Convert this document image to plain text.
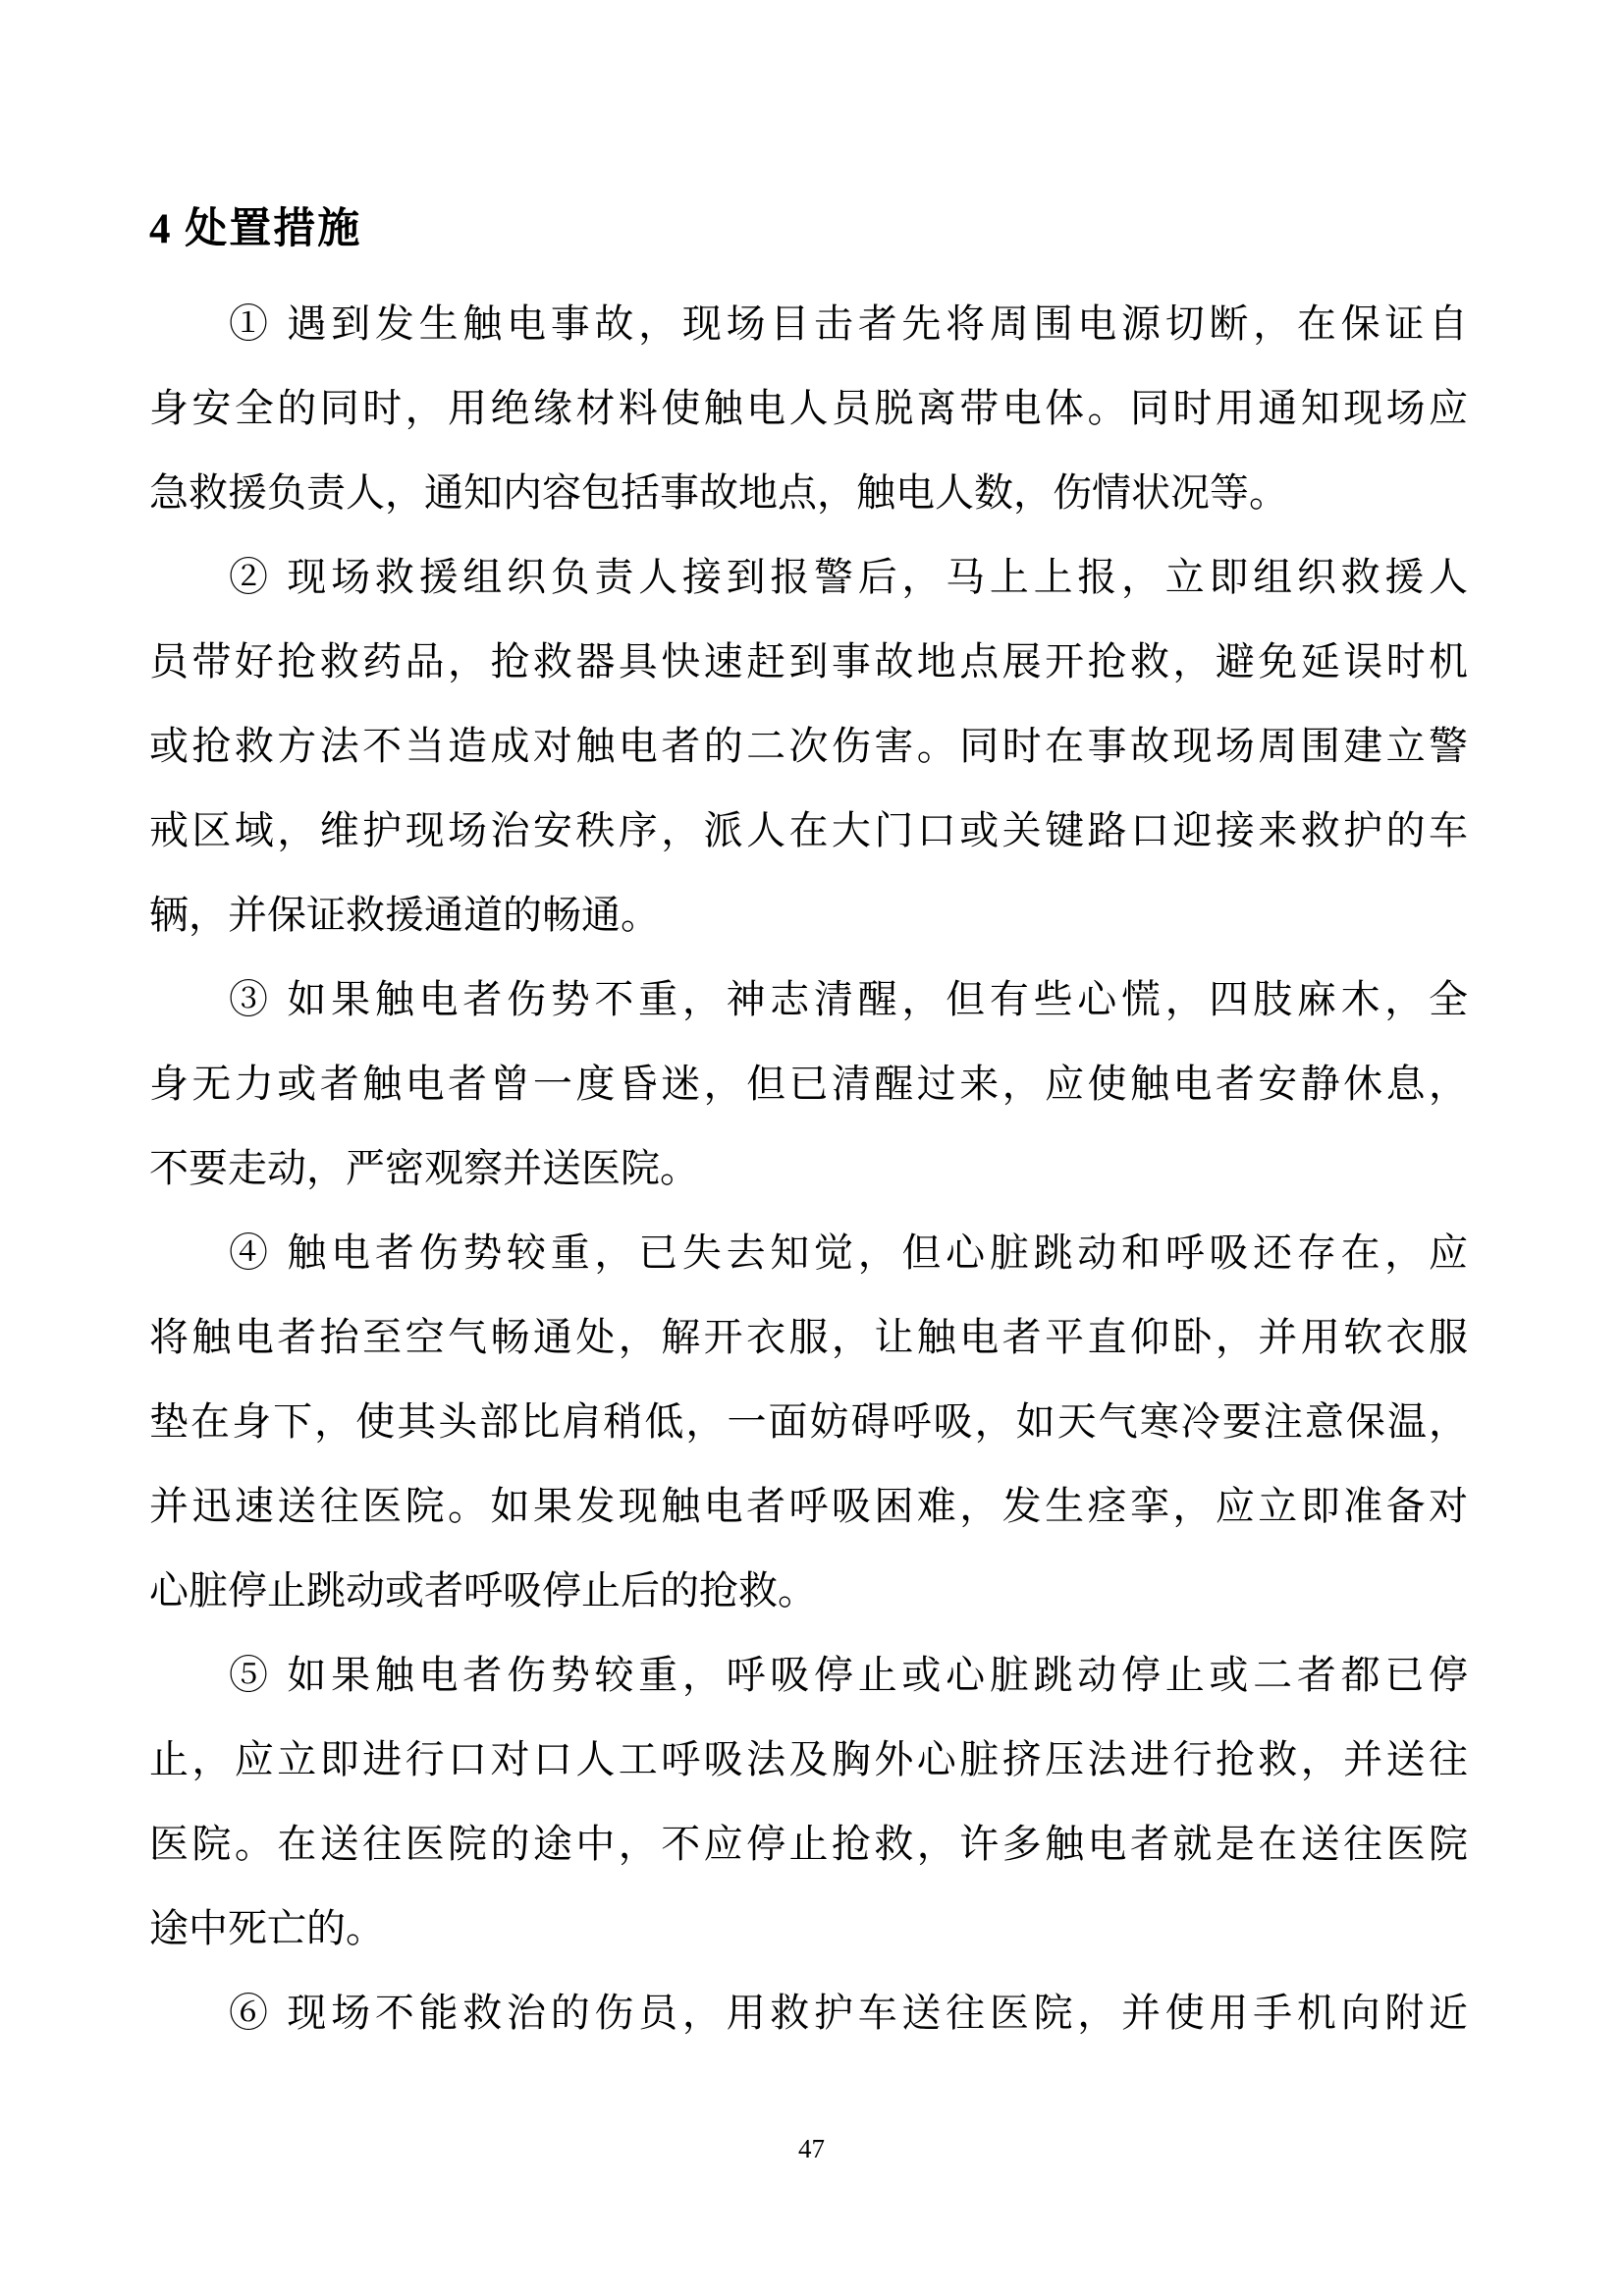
4 处置措施
① 遇到发生触电事故，现场目击者先将周围电源切断，在保证自
身安全的同时，用绝缘材料使触电人员脱离带电体。同时用通知现场应
急救援负责人，通知内容包括事故地点，触电人数，伤情状况等。
② 现场救援组织负责人接到报警后，马上上报，立即组织救援人
员带好抢救药品，抢救器具快速赶到事故地点展开抢救，避免延误时机
或抢救方法不当造成对触电者的二次伤害。同时在事故现场周围建立警
戒区域，维护现场治安秩序，派人在大门口或关键路口迎接来救护的车
辆，并保证救援通道的畅通。
③ 如果触电者伤势不重，神志清醒，但有些心慌，四肢麻木，全
身无力或者触电者曾一度昏迷，但已清醒过来，应使触电者安静休息，
不要走动，严密观察并送医院。
④ 触电者伤势较重，已失去知觉，但心脏跳动和呼吸还存在，应
将触电者抬至空气畅通处，解开衣服，让触电者平直仰卧，并用软衣服
垫在身下，使其头部比肩稍低，一面妨碍呼吸，如天气寒冷要注意保温，
并迅速送往医院。如果发现触电者呼吸困难，发生痉挛，应立即准备对
心脏停止跳动或者呼吸停止后的抢救。
⑤ 如果触电者伤势较重，呼吸停止或心脏跳动停止或二者都已停
止，应立即进行口对口人工呼吸法及胸外心脏挤压法进行抢救，并送往
医院。在送往医院的途中，不应停止抢救，许多触电者就是在送往医院
途中死亡的。
⑥ 现场不能救治的伤员，用救护车送往医院，并使用手机向附近
47
